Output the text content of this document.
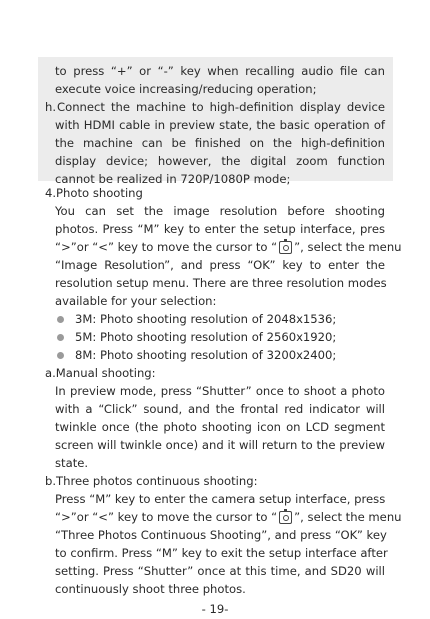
to press “+” or “-” key when recalling audio file can
execute voice increasing/reducing operation;
h. Connect the machine to high-definition display device
with HDMI cable in preview state, the basic operation of
the machine can be finished on the high-definition
display device; however, the digital zoom function
cannot be realized in 720P/1080P mode;
4.Photo shooting
You can set the image resolution before shooting
photos. Press “M” key to enter the setup interface, pres
“>”or “<” key to move the cursor to “ ”, select the menu
“Image Resolution”, and press “OK” key to enter the
resolution setup menu. There are three resolution modes
available for your selection:
3M: Photo shooting resolution of 2048x1536;
5M: Photo shooting resolution of 2560x1920;
8M: Photo shooting resolution of 3200x2400;
a.Manual shooting:
In preview mode, press “Shutter” once to shoot a photo
with a “Click” sound, and the frontal red indicator will
twinkle once (the photo shooting icon on LCD segment
screen will twinkle once) and it will return to the preview
state.
b.Three photos continuous shooting:
Press “M” key to enter the camera setup interface, press
“>”or “<” key to move the cursor to “ ”, select the menu
“Three Photos Continuous Shooting”, and press “OK” key
to confirm. Press “M” key to exit the setup interface after
setting. Press “Shutter” once at this time, and SD20 will
continuously shoot three photos.
- 19-
